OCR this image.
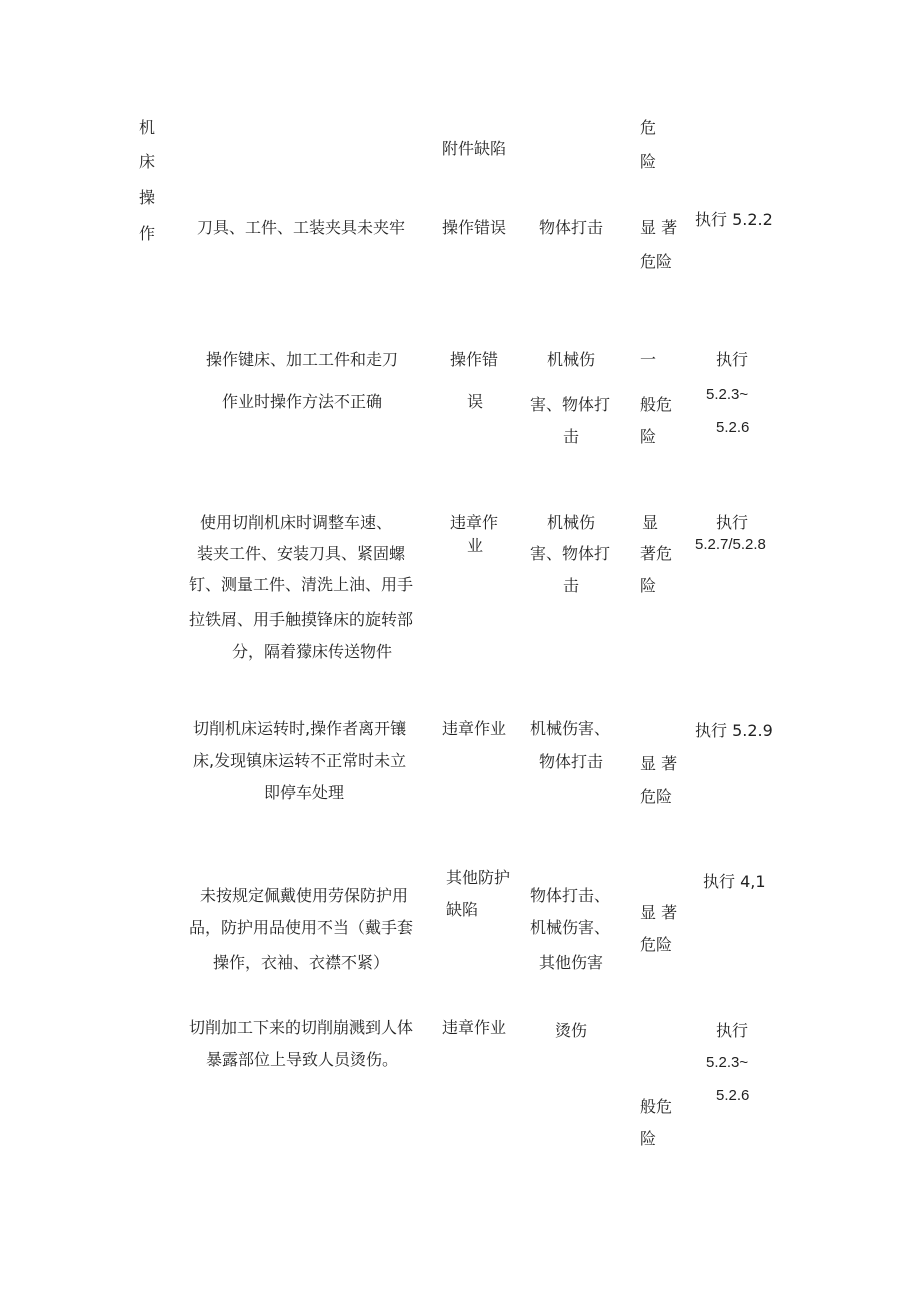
机
床
操
作
附件缺陷
危
险
刀具、工件、工装夹具未夹牢 操作错误 物体打击 显 著
危险
执行 5.2.2
操作键床、加工工件和走刀
作业时操作方法不正确
操作错
误
机械伤
害、物体打
击
一
般危
险
执行
5.2.3~
5.2.6
使用切削机床时调整车速、
装夹工件、安装刀具、紧固螺
钉、测量工件、清洗上油、用手
拉铁屑、用手触摸锋床的旋转部
分，隔着獴床传送物件
违章作
业
机械伤
害、物体打
击
显
著危
险
执行
5.2.7/5.2.8
切削机床运转时,操作者离开镶
床,发现镇床运转不正常时未立
即停车处理
违章作业 机械伤害、
物体打击 显 著
危险
执行 5.2.9
未按规定佩戴使用劳保防护用
品，防护用品使用不当（戴手套
操作，衣袖、衣襟不紧）
其他防护
缺陷
物体打击、
机械伤害、
其他伤害
显 著
危险
执行 4,1
切削加工下来的切削崩溅到人体
暴露部位上导致人员烫伤。
违章作业	烫伤
般危
险
执行
5.2.3~
5.2.6
